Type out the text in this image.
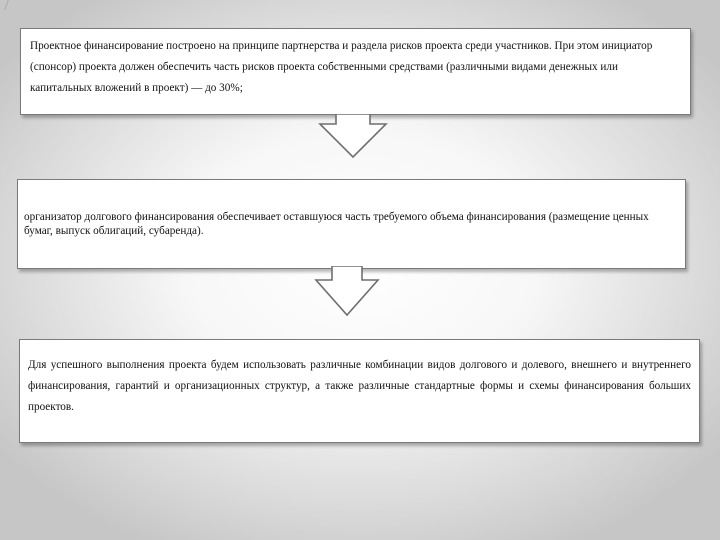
Проектное финансирование построено на принципе партнерства и раздела рисков проекта среди участников. При этом инициатор (спонсор) проекта должен обеспечить часть рисков проекта собственными средствами (различными видами денежных или капитальных вложений в проект) — до 30%;
организатор долгового финансирования обеспечивает оставшуюся часть требуемого объема финансирования (размещение ценных бумаг, выпуск облигаций, субаренда).
Для успешного выполнения проекта будем использовать различные комбинации видов долгового и долевого, внешнего и внутреннего финансирования, гарантий и организационных структур, а также различные стандартные формы и схемы финансирования больших проектов.
